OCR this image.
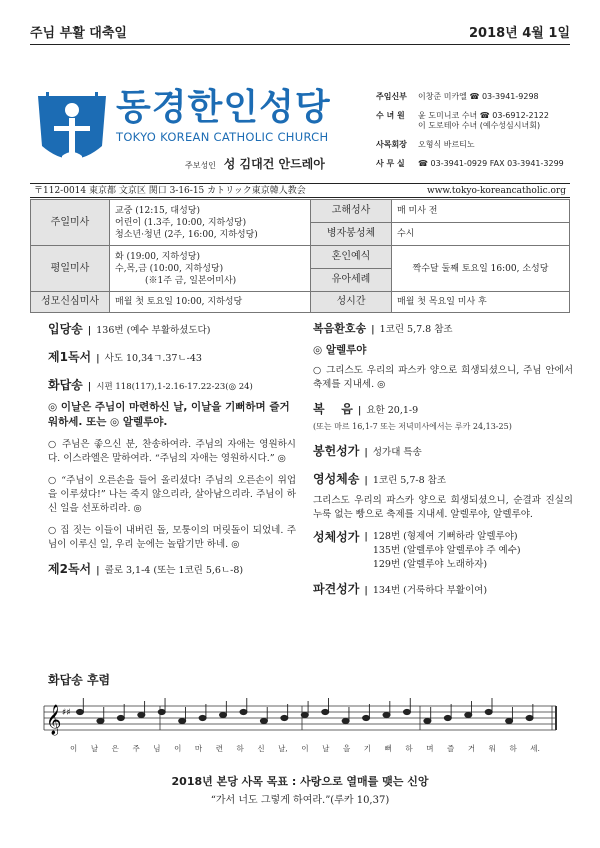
주님 부활 대축일	2018년 4월 1일
동경한인성당
TOKYO KOREAN CATHOLIC CHURCH
주보성인 성 김대건 안드레아
주임신부	이창준 미카엘 ☎ 03-3941-9298
수 녀 원	윤 도미니코 수녀 ☎ 03-6912-2122
이 도로테아 수녀 (예수성심시녀회)
사목회장	오형식 바르티노
사 무 실	☎ 03-3941-0929 FAX 03-3941-3299
〒112-0014 東京都 文京区 関口 3-16-15 カトリック東京韓人教会	www.tokyo-koreancatholic.org
주일미사	교중 (12:15, 대성당)
어린이 (1.3주, 10:00, 지하성당)
청소년·청년 (2주, 16:00, 지하성당)	고해성사	매 미사 전
		병자봉성체	수시
평일미사	화 (19:00, 지하성당)
수,목,금 (10:00, 지하성당)
(※1주 금, 일본어미사)	혼인예식	짝수달 둘째 토요일 16:00, 소성당
		유아세례	
성모신심미사	매월 첫 토요일 10:00, 지하성당	성시간	매월 첫 목요일 미사 후
입당송 | 136번 (예수 부활하셨도다)
제1독서 | 사도 10,34ㄱ.37ㄴ-43
화답송 | 시편 118(117),1-2.16-17.22-23(◎ 24)

◎ 이날은 주님이 마련하신 날, 이날을 기뻐하며 즐거워하세. 또는 ◎ 알렐루야.

○ 주님은 좋으신 분, 찬송하여라. 주님의 자애는 영원하시다. 이스라엘은 말하여라. “주님의 자애는 영원하시다.” ◎

○ “주님이 오른손을 들어 올리셨다! 주님의 오른손이 위업을 이루셨다!” 나는 죽지 않으리라, 살아남으리라. 주님이 하신 일을 선포하리라. ◎

○ 집 짓는 이들이 내버린 돌, 모퉁이의 머릿돌이 되었네. 주님이 이루신 일, 우리 눈에는 놀랍기만 하네. ◎

제2독서 | 콜로 3,1-4 (또는 1코린 5,6ㄴ-8)
복음환호송 | 1코린 5,7.8 참조

◎ 알렐루야

○ 그리스도 우리의 파스카 양으로 희생되셨으니, 주님 안에서 축제를 지내세. ◎

복    음 | 요한 20,1-9

(또는 마르 16,1-7 또는 저녁미사에서는 루카 24,13-25)

봉헌성가 | 성가대 특송
영성체송 | 1코린 5,7-8 참조

그리스도 우리의 파스카 양으로 희생되셨으니, 순결과 진실의 누룩 없는 빵으로 축제를 지내세. 알렐루야, 알렐루야.

성체성가 | 128번 (형제여 기뻐하라 알렐루야)
135번 (알렐루야 알렐루야 주 예수)
129번 (알렐루야 노래하자)
파견성가 | 134번 (거룩하다 부활이여)
화답송 후렴
𝄞 ♯♯
이 날 은 주 님 이 마 련 하 신 날, 이 날 을 기 뻐 하 며 즐 거 워 하 세.
2018년 본당 사목 목표 : 사랑으로 열매를 맺는 신앙
“가서 너도 그렇게 하여라.”(루카 10,37)
